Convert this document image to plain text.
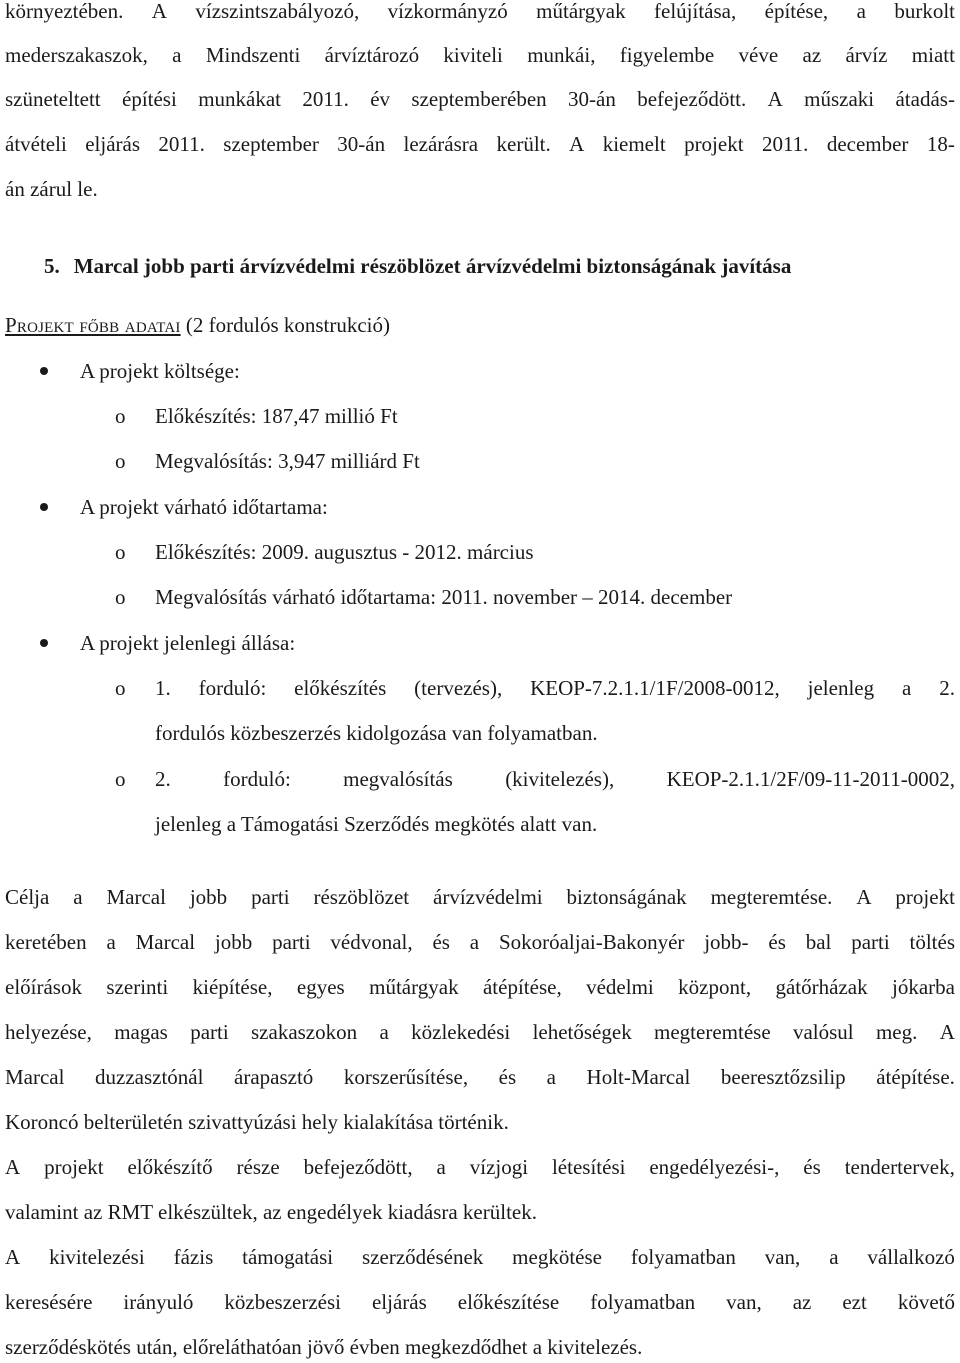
környeztében. A vízszintszabályozó, vízkormányzó műtárgyak felújítása, építése, a burkolt
mederszakaszok, a Mindszenti árvíztározó kiviteli munkái, figyelembe véve az árvíz miatt
szüneteltett építési munkákat 2011. év szeptemberében 30-án befejeződött. A műszaki átadás-
átvételi eljárás 2011. szeptember 30-án lezárásra került. A kiemelt projekt 2011. december 18-
án zárul le.
5. Marcal jobb parti árvízvédelmi részöblözet árvízvédelmi biztonságának javítása
Projekt főbb adatai (2 fordulós konstrukció)
A projekt költsége:
o Előkészítés: 187,47 millió Ft
o Megvalósítás: 3,947 milliárd Ft
A projekt várható időtartama:
o Előkészítés: 2009. augusztus - 2012. március
o Megvalósítás várható időtartama: 2011. november – 2014. december
A projekt jelenlegi állása:
o 1. forduló: előkészítés (tervezés), KEOP-7.2.1.1/1F/2008-0012, jelenleg a 2.
fordulós közbeszerzés kidolgozása van folyamatban.
o 2. forduló: megvalósítás (kivitelezés), KEOP-2.1.1/2F/09-11-2011-0002,
jelenleg a Támogatási Szerződés megkötés alatt van.
Célja a Marcal jobb parti részöblözet árvízvédelmi biztonságának megteremtése. A projekt
keretében a Marcal jobb parti védvonal, és a Sokoróaljai-Bakonyér jobb- és bal parti töltés
előírások szerinti kiépítése, egyes műtárgyak átépítése, védelmi központ, gátőrházak jókarba
helyezése, magas parti szakaszokon a közlekedési lehetőségek megteremtése valósul meg. A
Marcal duzzasztónál árapasztó korszerűsítése, és a Holt-Marcal beeresztőzsilip átépítése.
Koroncó belterületén szivattyúzási hely kialakítása történik.
A projekt előkészítő része befejeződött, a vízjogi létesítési engedélyezési-, és tendertervek,
valamint az RMT elkészültek, az engedélyek kiadásra kerültek.
A kivitelezési fázis támogatási szerződésének megkötése folyamatban van, a vállalkozó
keresésére irányuló közbeszerzési eljárás előkészítése folyamatban van, az ezt követő
szerződéskötés után, előreláthatóan jövő évben megkezdődhet a kivitelezés.
